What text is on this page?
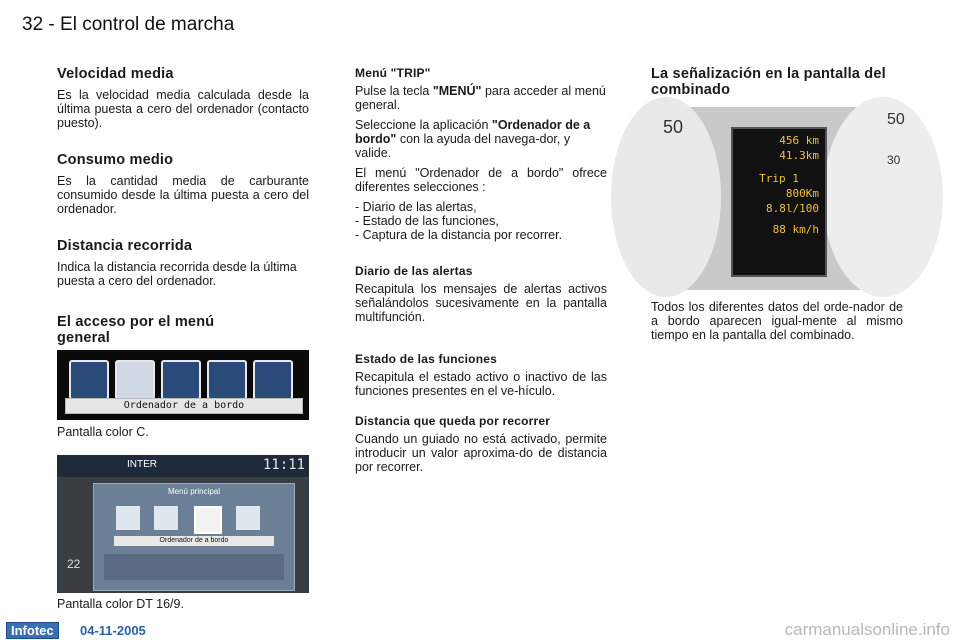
32 - El control de marcha
Velocidad media

Es la velocidad media calculada desde la última puesta a cero del ordenador (contacto puesto).

Consumo medio

Es la cantidad media de carburante consumido desde la última puesta a cero del ordenador.

Distancia recorrida

Indica la distancia recorrida desde la última puesta a cero del ordenador.

El acceso por el menú general
Ordenador de a bordo
Pantalla color C.
INTER	11:11
Menú principal
Ordenador de a bordo
22
Pantalla color DT 16/9.
Menú "TRIP"

Pulse la tecla "MENÚ" para acceder al menú general.

Seleccione la aplicación "Ordenador de a bordo" con la ayuda del navega-dor, y valide.

El menú "Ordenador de a bordo" ofrece diferentes selecciones :

- Diario de las alertas,
- Estado de las funciones,
- Captura de la distancia por recorrer.
Diario de las alertas

Recapitula los mensajes de alertas activos señalándolos sucesivamente en la pantalla multifunción.

Estado de las funciones

Recapitula el estado activo o inactivo de las funciones presentes en el ve-hículo.

Distancia que queda por recorrer

Cuando un guiado no está activado, permite introducir un valor aproxima-do de distancia por recorrer.

La señalización en la pantalla del combinado
50	50
30
456 km
41.3km
Trip 1
800Km
8.8l/100
88 km/h

Todos los diferentes datos del orde-nador de a bordo aparecen igual-mente al mismo tiempo en la pantalla del combinado.

Infotec	04-11-2005	carmanualsonline.info
